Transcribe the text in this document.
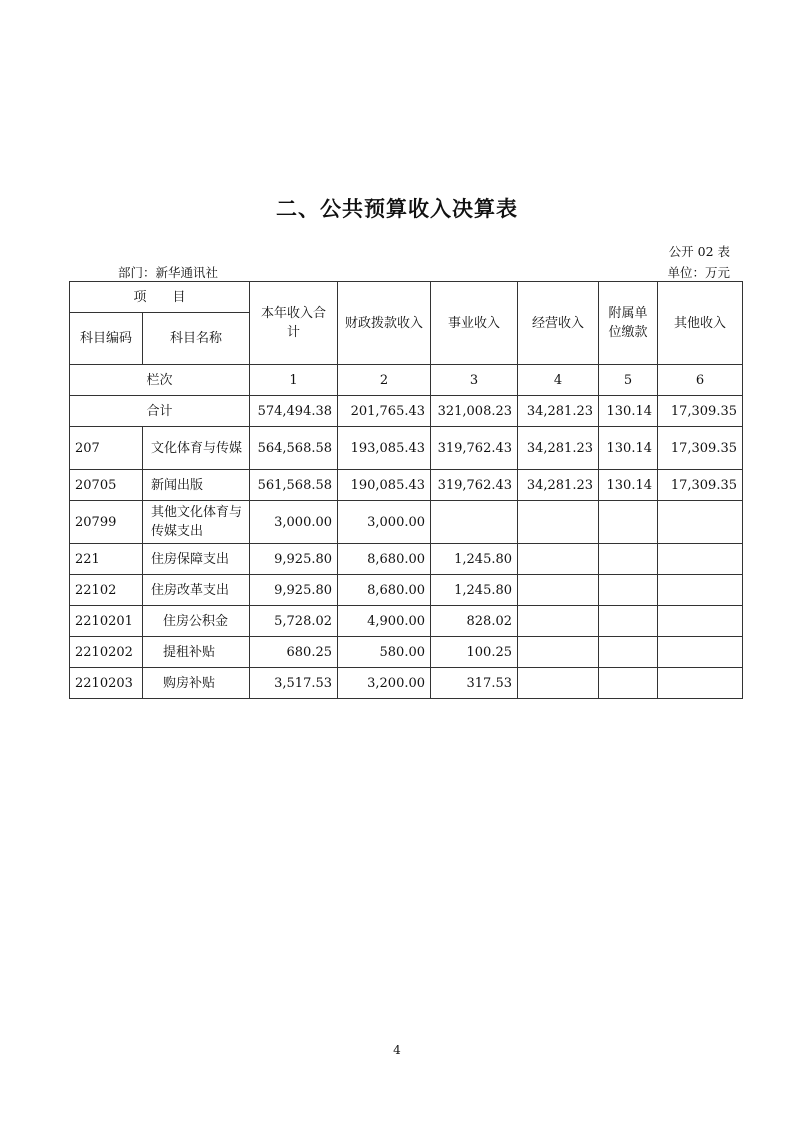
二、公共预算收入决算表
公开 02 表
部门：新华通讯社	单位：万元
项　　目		本年收入合计	财政拨款收入	事业收入	经营收入	附属单位缴款	其他收入
科目编码	科目名称						
栏次		1	2	3	4	5	6
合计		574,494.38	201,765.43	321,008.23	34,281.23	130.14	17,309.35
207	文化体育与传媒	564,568.58	193,085.43	319,762.43	34,281.23	130.14	17,309.35
20705	新闻出版	561,568.58	190,085.43	319,762.43	34,281.23	130.14	17,309.35
20799	其他文化体育与传媒支出	3,000.00	3,000.00				
221	住房保障支出	9,925.80	8,680.00	1,245.80			
22102	住房改革支出	9,925.80	8,680.00	1,245.80			
2210201	住房公积金	5,728.02	4,900.00	828.02			
2210202	提租补贴	680.25	580.00	100.25			
2210203	购房补贴	3,517.53	3,200.00	317.53			
4
